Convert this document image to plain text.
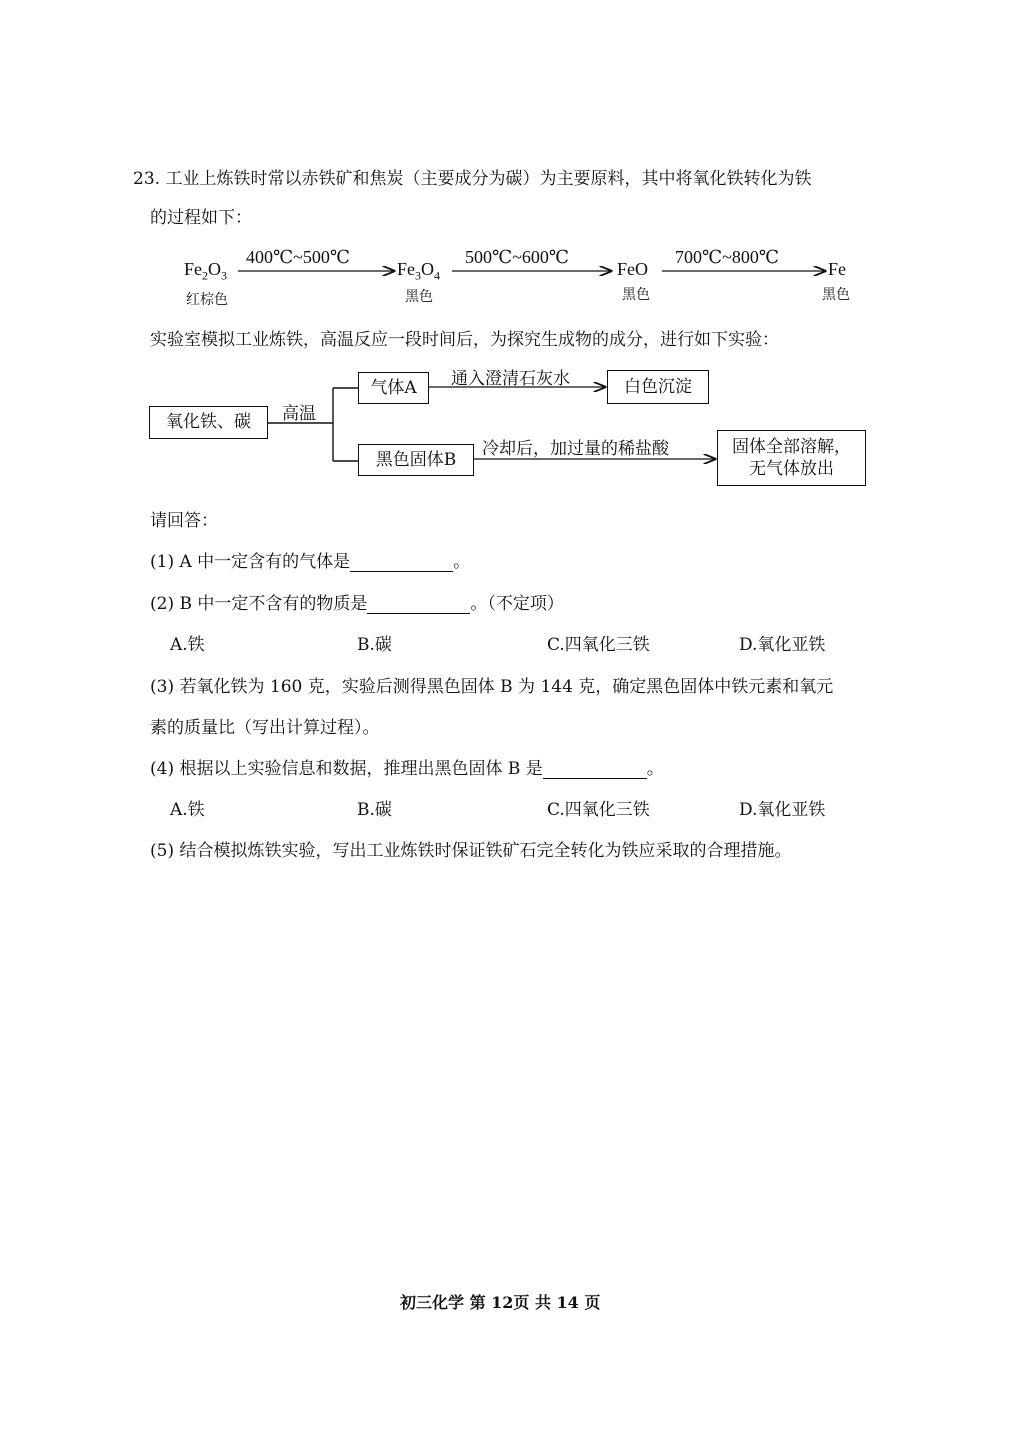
23. 工业上炼铁时常以赤铁矿和焦炭（主要成分为碳）为主要原料，其中将氧化铁转化为铁
的过程如下：
400℃~500℃	500℃~600℃	700℃~800℃
$Fe_2O_3$	$Fe_3O_4$	FeO	Fe
红棕色	黑色	黑色	黑色
实验室模拟工业炼铁，高温反应一段时间后，为探究生成物的成分，进行如下实验：
氧化铁、碳	高温
气体A	通入澄清石灰水	白色沉淀
黑色固体B
冷却后，加过量的稀盐酸	固体全部溶解，
无气体放出
请回答：
(1) A 中一定含有的气体是	。
(2) B 中一定不含有的物质是	。（不定项）
A.铁	B.碳	C.四氧化三铁	D.氧化亚铁
(3) 若氧化铁为 160 克，实验后测得黑色固体 B 为 144 克，确定黑色固体中铁元素和氧元
素的质量比（写出计算过程）。
(4) 根据以上实验信息和数据，推理出黑色固体 B 是	。
A.铁	B.碳	C.四氧化三铁	D.氧化亚铁
(5) 结合模拟炼铁实验，写出工业炼铁时保证铁矿石完全转化为铁应采取的合理措施。
初三化学 第 12页 共 14 页
